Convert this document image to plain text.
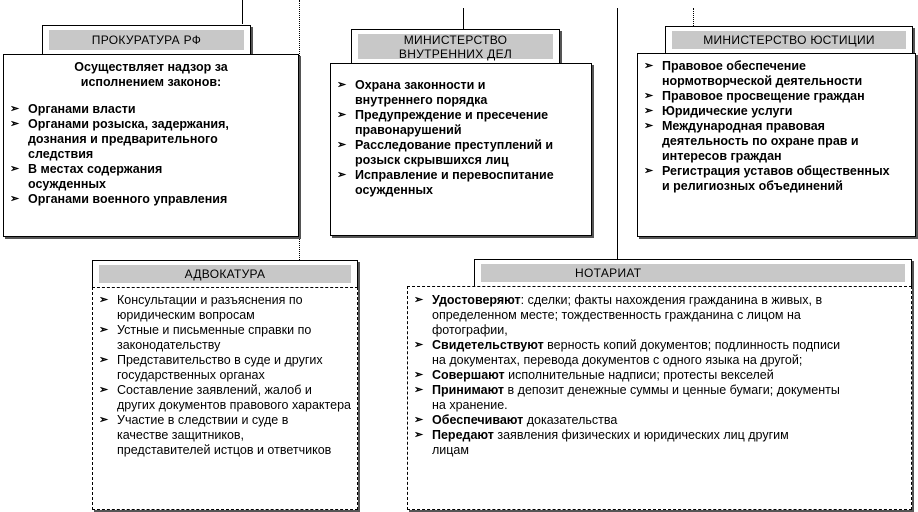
ПРОКУРАТУРА РФ
Осуществляет надзор за исполнением законов:
➢ Органами власти
➢ Органами розыска, задержания, дознания и предварительного следствия
➢ В местах содержания осужденных
➢ Органами военного управления
МИНИСТЕРСТВО
ВНУТРЕННИХ ДЕЛ
➢ Охрана законности и внутреннего порядка
➢ Предупреждение и пресечение правонарушений
➢ Расследование преступлений и розыск скрывшихся лиц
➢ Исправление и перевоспитание осужденных
МИНИСТЕРСТВО ЮСТИЦИИ
➢ Правовое обеспечение нормотворческой деятельности
➢ Правовое просвещение граждан
➢ Юридические услуги
➢ Международная правовая деятельность по охране прав и интересов граждан
➢ Регистрация уставов общественных и религиозных объединений
АДВОКАТУРА
➢ Консультации и разъяснения по юридическим вопросам
➢ Устные и письменные справки по законодательству
➢ Представительство в суде и других государственных органах
➢ Составление заявлений, жалоб и других документов правового характера
➢ Участие в следствии и суде в качестве защитников, представителей истцов и ответчиков
НОТАРИАТ
➢ Удостоверяют: сделки; факты нахождения гражданина в живых, в определенном месте; тождественность гражданина с лицом на фотографии,
➢ Свидетельствуют верность копий документов; подлинность подписи на документах, перевода документов с одного языка на другой;
➢ Совершают исполнительные надписи; протесты векселей
➢ Принимают в депозит денежные суммы и ценные бумаги; документы на хранение.
➢ Обеспечивают доказательства
➢ Передают заявления физических и юридических лиц другим лицам
